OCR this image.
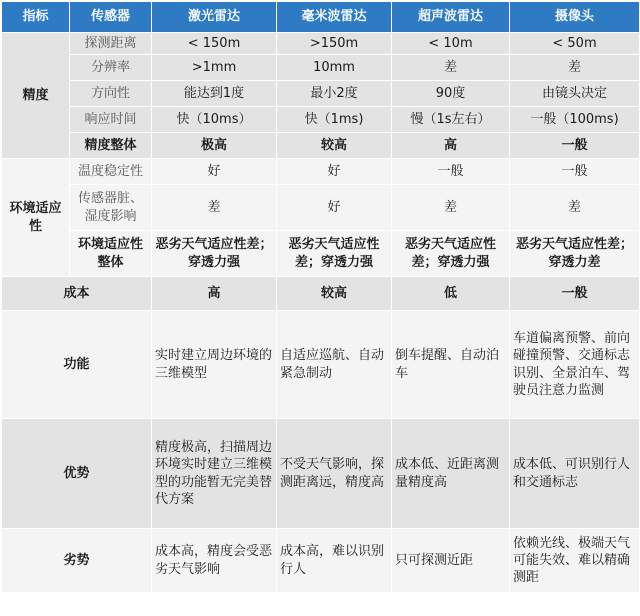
指标	传感器	激光雷达	毫米波雷达	超声波雷达	摄像头
精度	探测距离	< 150m	>150m	< 10m	< 50m
	分辨率	>1mm	10mm	差	差
	方向性	能达到1度	最小2度	90度	由镜头决定
	响应时间	快（10ms）	快（1ms)	慢（1s左右）	一般（100ms)
	精度整体	极高	较高	高	一般
环境适应性	温度稳定性	好	好	一般	一般
	传感器脏、湿度影响	差	好	差	差
	环境适应性整体	恶劣天气适应性差；穿透力强	恶劣天气适应性差；穿透力强	恶劣天气适应性差；穿透力强	恶劣天气适应性差；穿透力差
成本		高	较高	低	一般
功能		实时建立周边环境的三维模型	自适应巡航、自动紧急制动	倒车提醒、自动泊车	车道偏离预警、前向碰撞预警、交通标志识别、全景泊车、驾驶员注意力监测
优势		精度极高，扫描周边环境实时建立三维模型的功能暂无完美替代方案	不受天气影响，探测距离远，精度高	成本低、近距离测量精度高	成本低、可识别行人和交通标志
劣势		成本高，精度会受恶劣天气影响	成本高，难以识别行人	只可探测近距	依赖光线、极端天气可能失效、难以精确测距
